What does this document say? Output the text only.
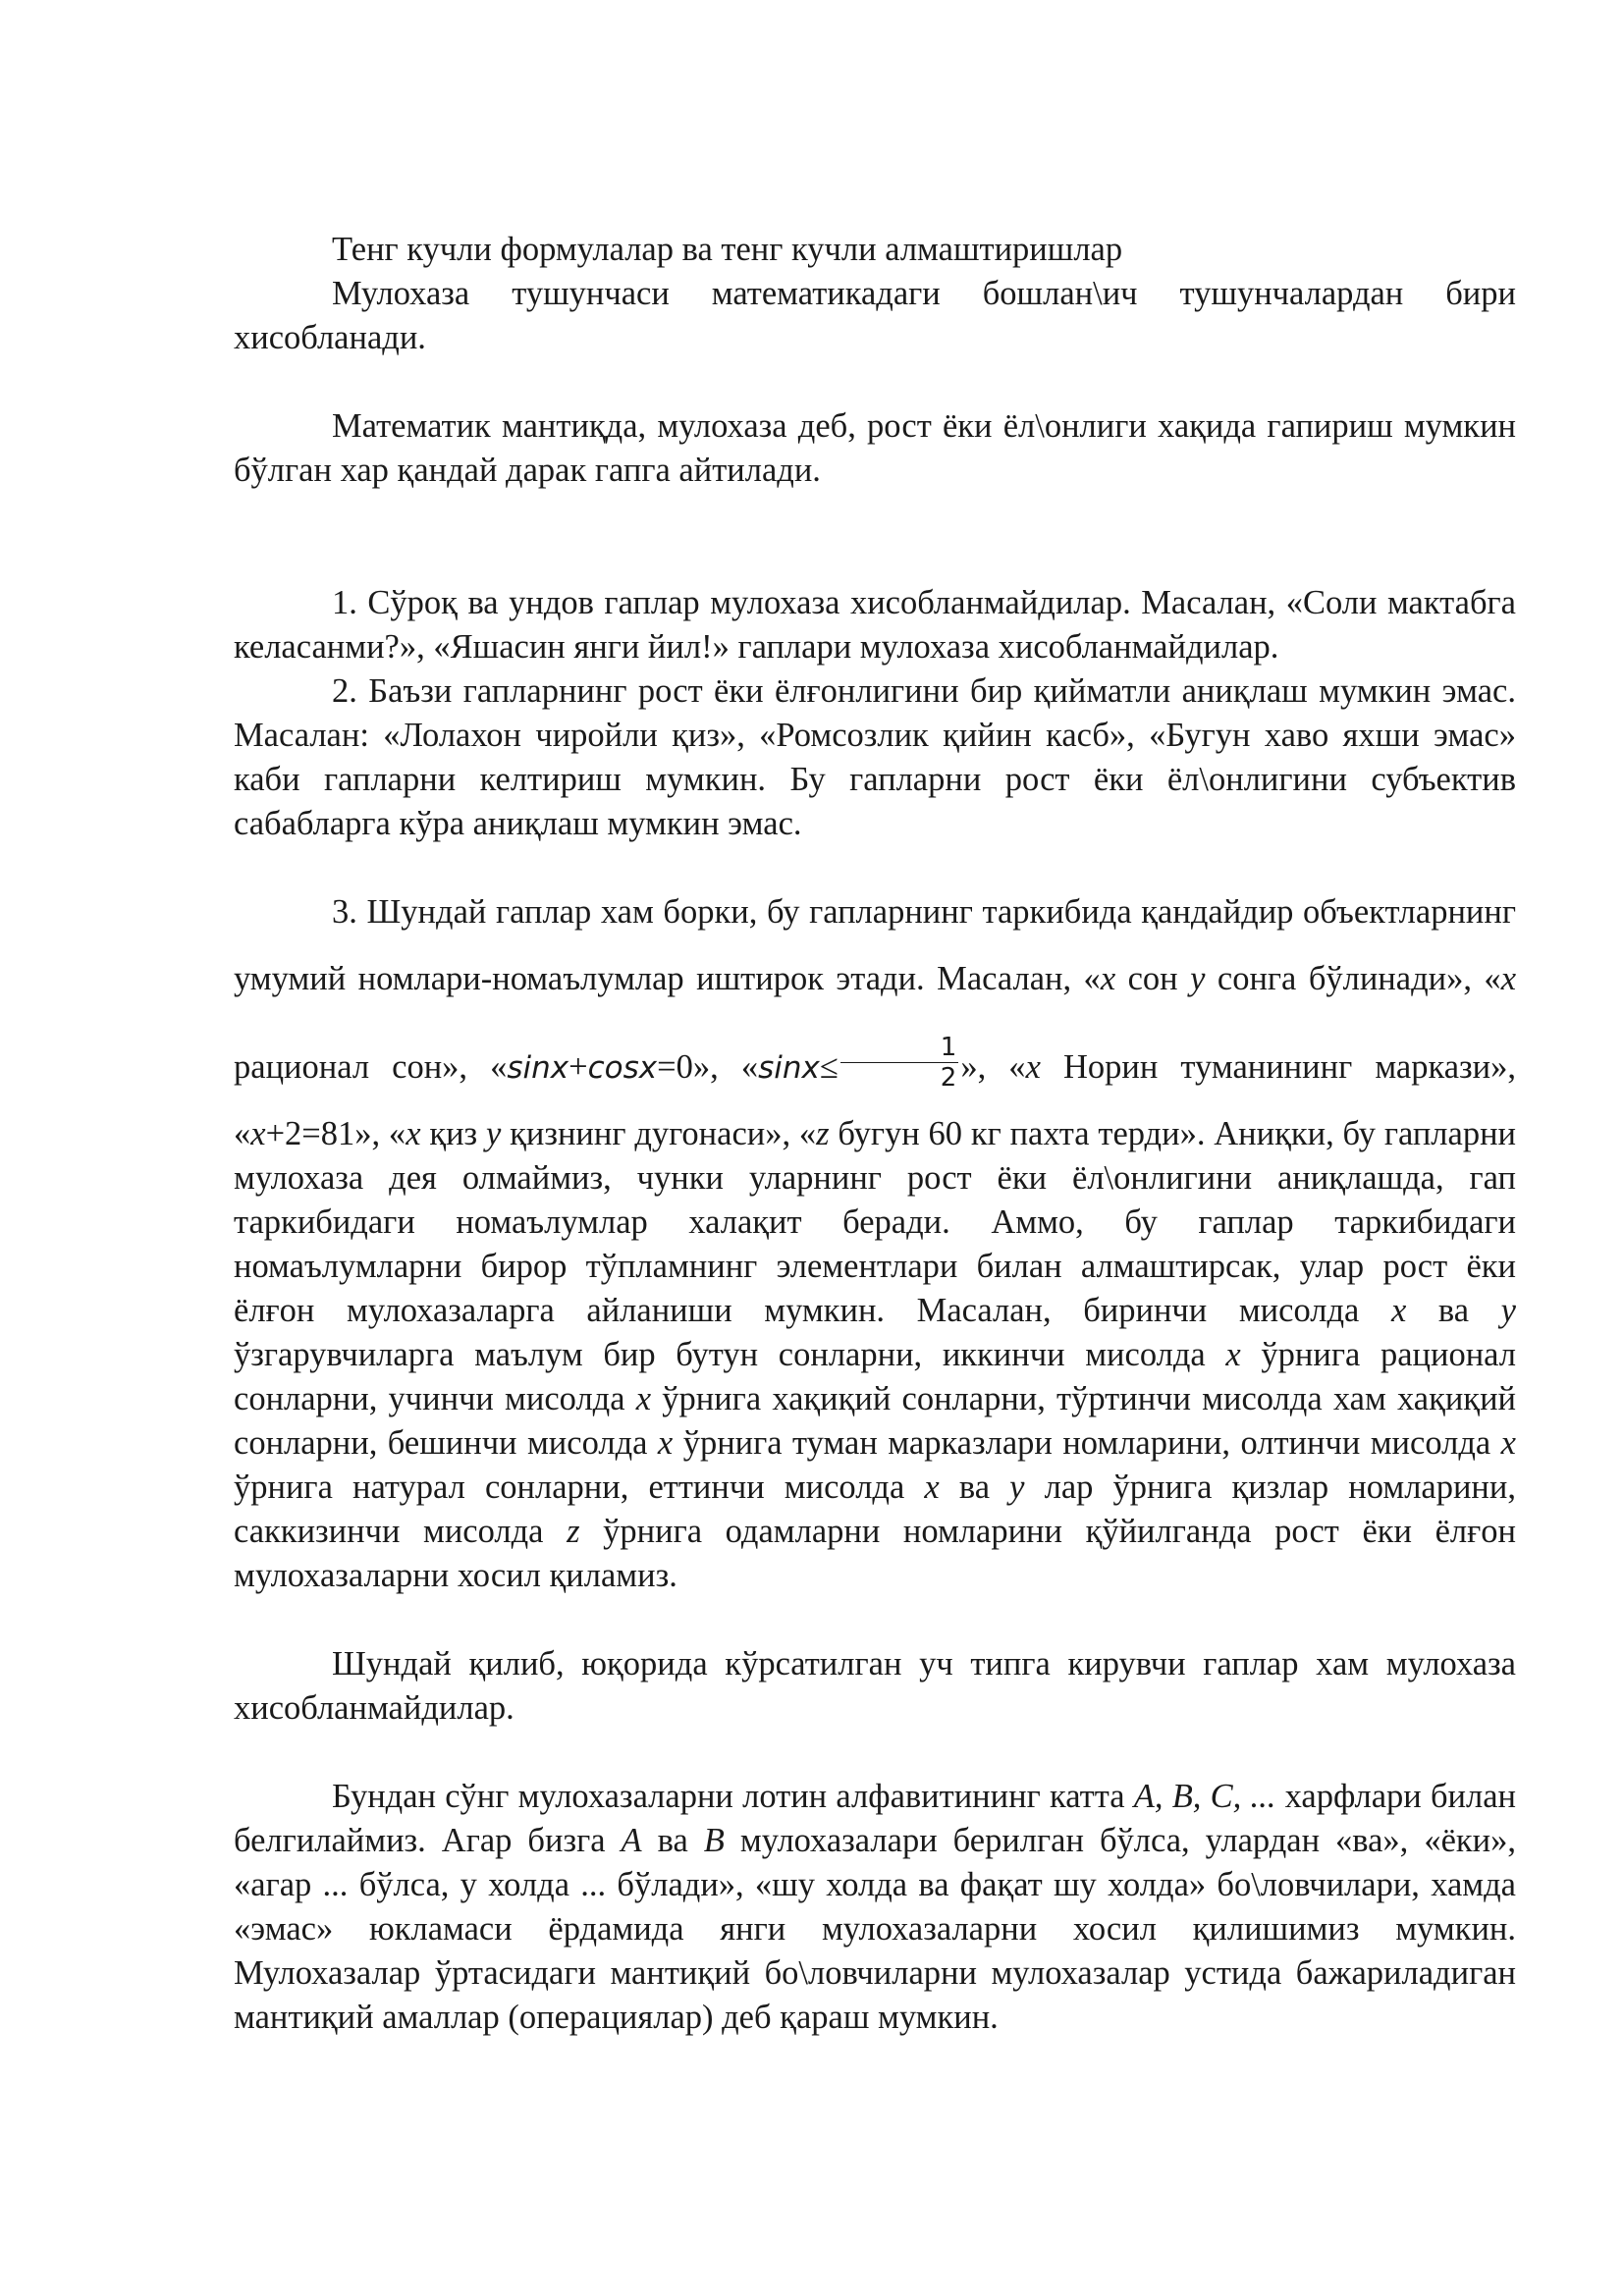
Тенг кучли формулалар ва тенг кучли алмаштиришлар

Мулохаза тушунчаси математикадаги бошлан\ич тушунчалардан бири хисобланади.

Математик мантиқда, мулохаза деб, рост ёки ёл\онлиги хақида гапириш мумкин бўлган хар қандай дарак гапга айтилади.

1. Сўроқ ва ундов гаплар мулохаза хисобланмайдилар. Масалан, «Соли мактабга келасанми?», «Яшасин янги йил!» гаплари мулохаза хисобланмайдилар.

2. Баъзи гапларнинг рост ёки ёлғонлигини бир қийматли аниқлаш мумкин эмас. Масалан: «Лолахон чиройли қиз», «Ромсозлик қийин касб», «Бугун хаво яхши эмас» каби гапларни келтириш мумкин. Бу гапларни рост ёки ёл\онлигини субъектив сабабларга кўра аниқлаш мумкин эмас.

3. Шундай гаплар хам борки, бу гапларнинг таркибида қандайдир объектларнинг умумий номлари-номаълумлар иштирок этади. Масалан, «x сон y сонга бўлинади», «x рационал сон», «sinx+cosx=0», «$\sin x\le \frac{1}{2}$ », «x Норин туманининг маркази», «x+2=81», «x қиз y қизнинг дугонаси», «z бугун 60 кг пахта терди». Аниқки, бу гапларни мулохаза дея олмаймиз, чунки уларнинг рост ёки ёл\онлигини аниқлашда, гап таркибидаги номаълумлар халақит беради. Аммо, бу гаплар таркибидаги номаълумларни бирор тўпламнинг элементлари билан алмаштирсак, улар рост ёки ёлғон мулохазаларга айланиши мумкин. Масалан, биринчи мисолда x ва y ўзгарувчиларга маълум бир бутун сонларни, иккинчи мисолда x ўрнига рационал сонларни, учинчи мисолда x ўрнига хақиқий сонларни, тўртинчи мисолда хам хақиқий сонларни, бешинчи мисолда x ўрнига туман марказлари номларини, олтинчи мисолда x ўрнига натурал сонларни, еттинчи мисолда x ва y лар ўрнига қизлар номларини, саккизинчи мисолда z ўрнига одамларни номларини қўйилганда рост ёки ёлғон мулохазаларни хосил қиламиз.

Шундай қилиб, юқорида кўрсатилган уч типга кирувчи гаплар хам мулохаза хисобланмайдилар.

Бундан сўнг мулохазаларни лотин алфавитининг катта A, B, C, ... харфлари билан белгилаймиз. Агар бизга A ва B мулохазалари берилган бўлса, улардан «ва», «ёки», «агар ... бўлса, у холда ... бўлади», «шу холда ва фақат шу холда» бо\ловчилари, хамда «эмас» юкламаси ёрдамида янги мулохазаларни хосил қилишимиз мумкин. Мулохазалар ўртасидаги мантиқий бо\ловчиларни мулохазалар устида бажариладиган мантиқий амаллар (операциялар) деб қараш мумкин.
